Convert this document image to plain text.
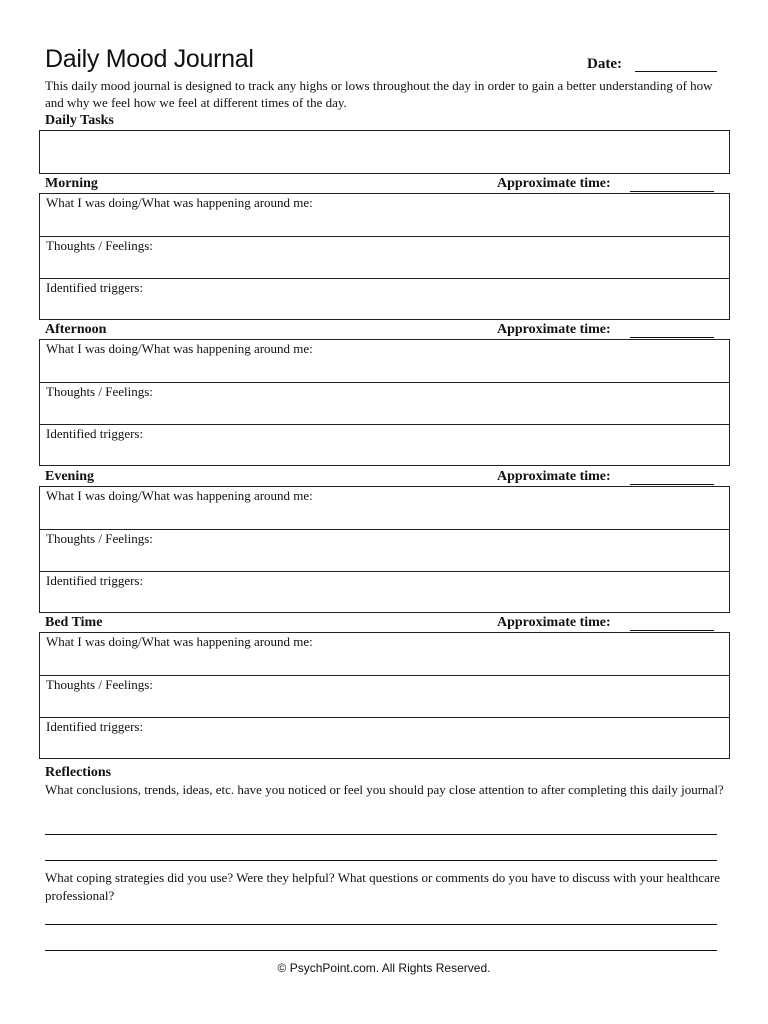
Daily Mood Journal	Date:
This daily mood journal is designed to track any highs or lows throughout the day in order to gain a better understanding of how and why we feel how we feel at different times of the day.
Daily Tasks
Morning	Approximate time:
What I was doing/What was happening around me:
Thoughts / Feelings:
Identified triggers:
Afternoon	Approximate time:
What I was doing/What was happening around me:
Thoughts / Feelings:
Identified triggers:
Evening	Approximate time:
What I was doing/What was happening around me:
Thoughts / Feelings:
Identified triggers:
Bed Time	Approximate time:
What I was doing/What was happening around me:
Thoughts / Feelings:
Identified triggers:
Reflections
What conclusions, trends, ideas, etc. have you noticed or feel you should pay close attention to after completing this daily journal?
What coping strategies did you use? Were they helpful? What questions or comments do you have to discuss with your healthcare professional?
© PsychPoint.com. All Rights Reserved.
